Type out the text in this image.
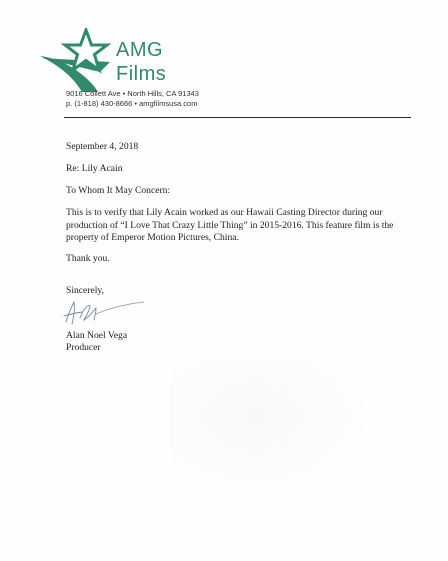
AMG
Films
9016 Collett Ave • North Hills, CA 91343
p. (1-818) 430-8666 • amgfilmsusa.com
September 4, 2018
Re: Lily Acain
To Whom It May Concern:
This is to verify that Lily Acain worked as our Hawaii Casting Director during our production of “I Love That Crazy Little Thing” in 2015-2016. This feature film is the property of Emperor Motion Pictures, China.
Thank you.
Sincerely,
Alan Noel Vega
Producer
